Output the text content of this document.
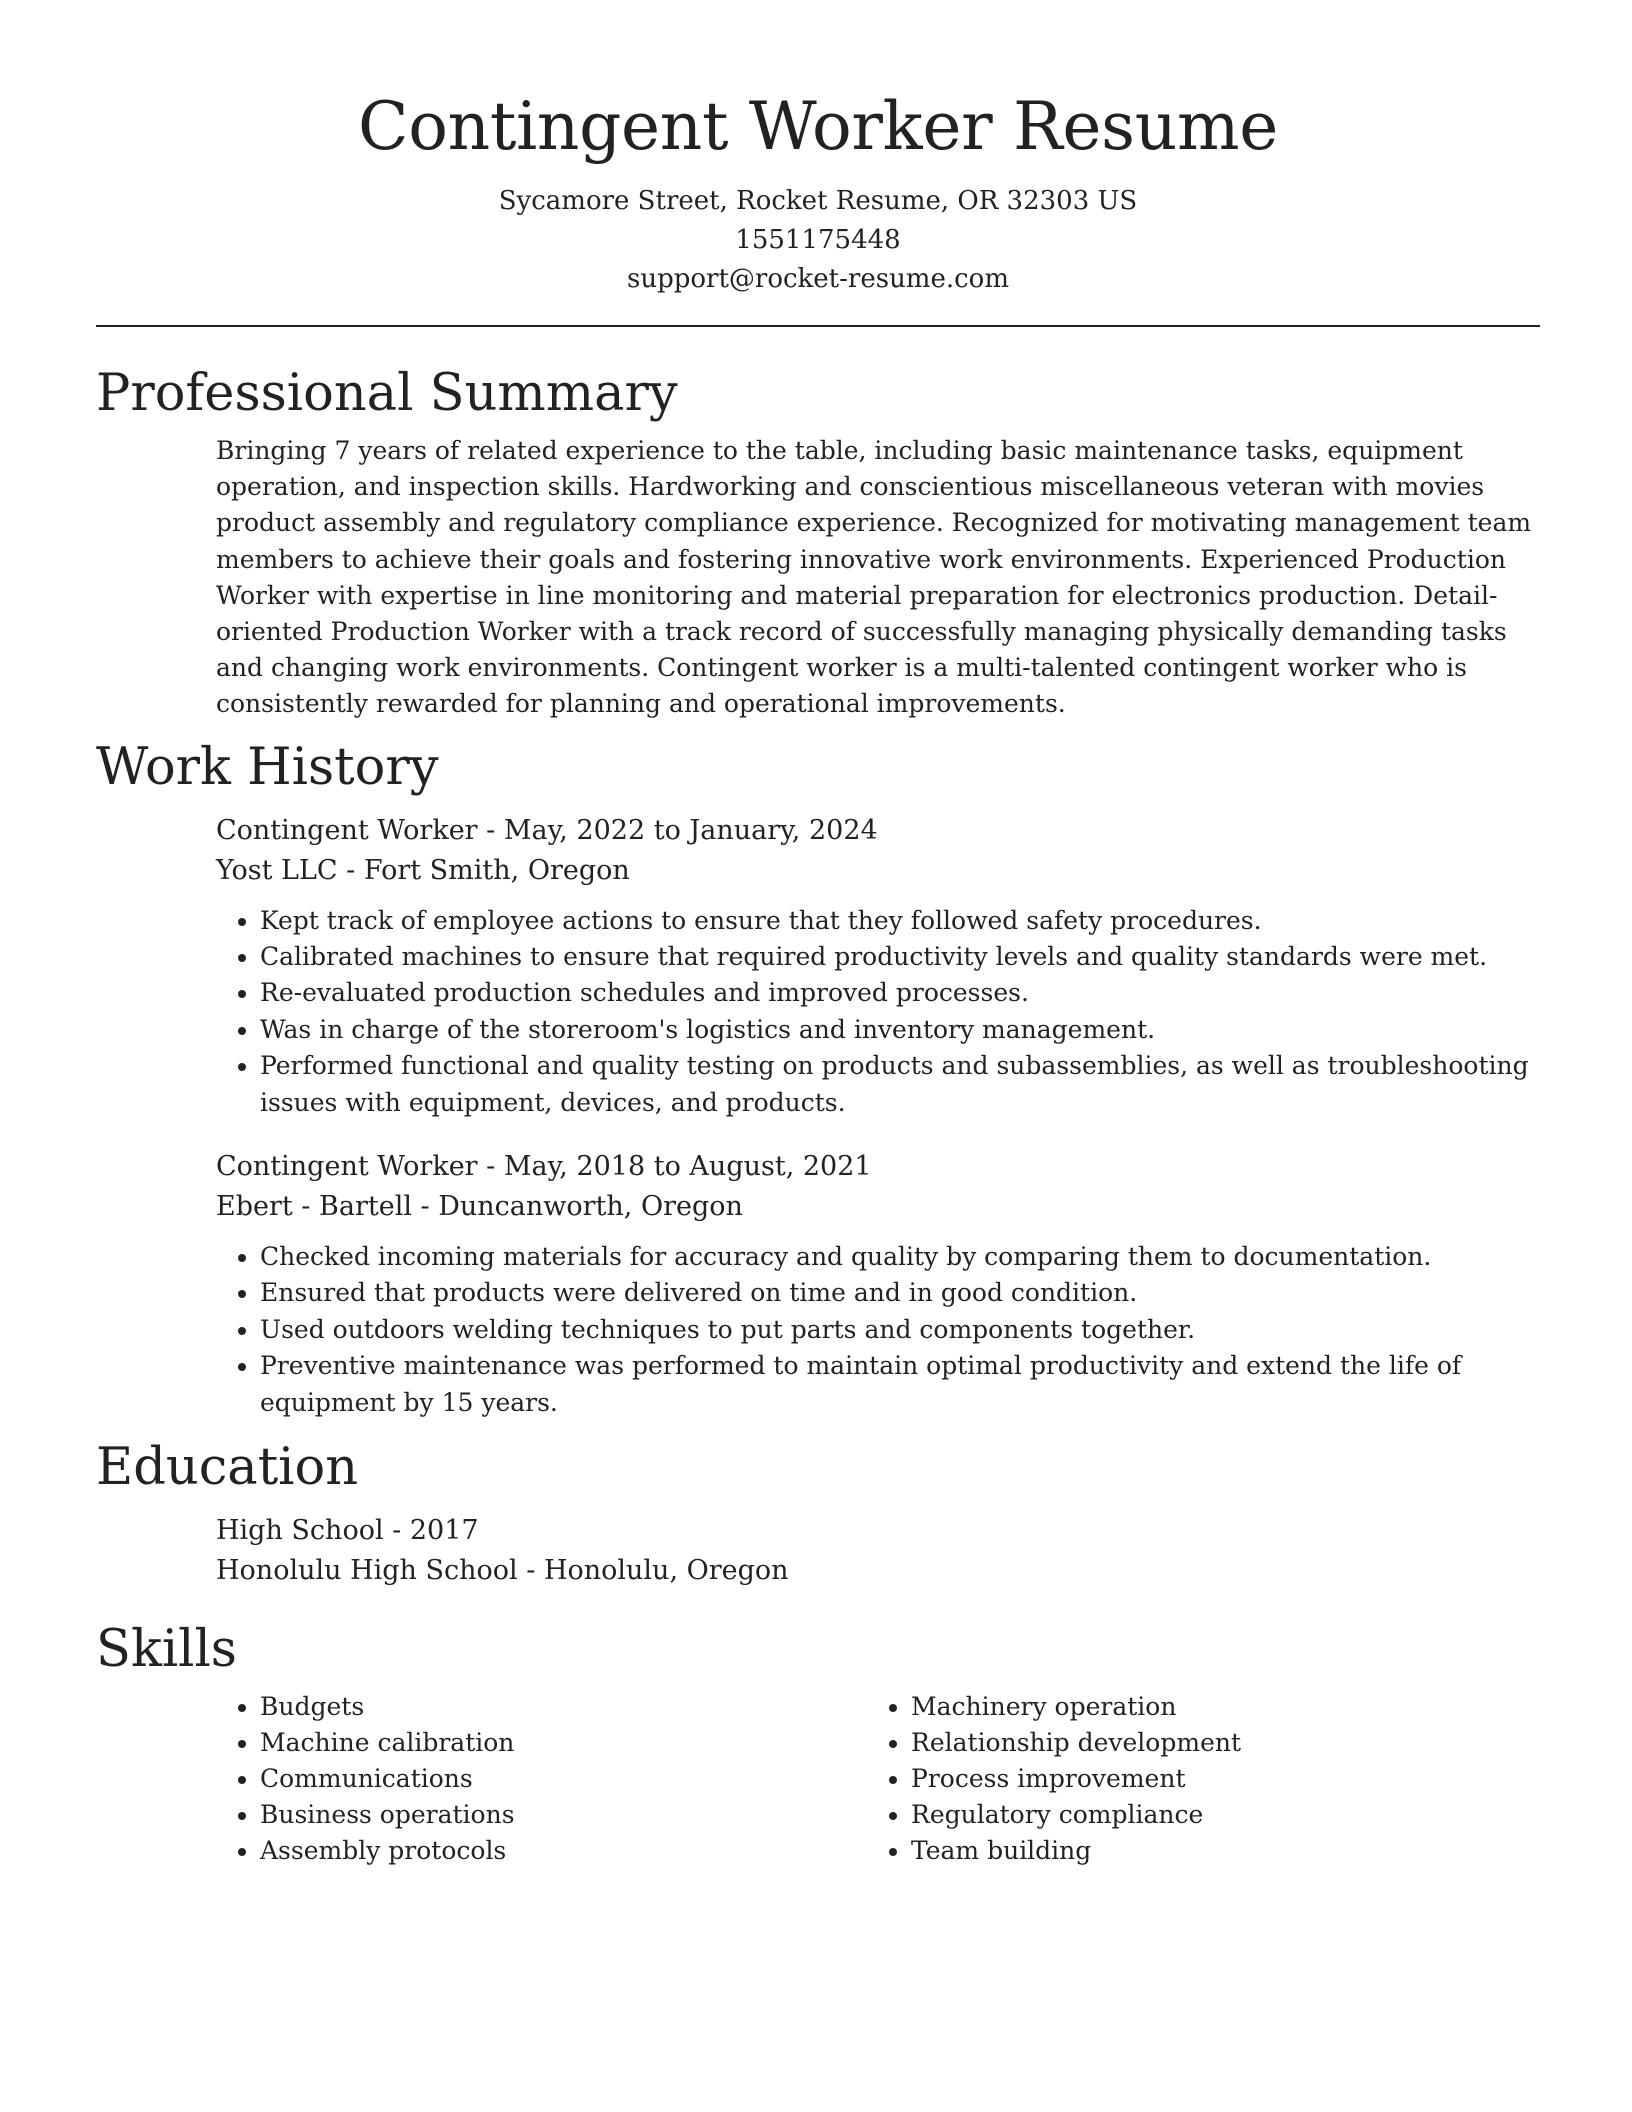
Contingent Worker Resume
Sycamore Street, Rocket Resume, OR 32303 US
1551175448
support@rocket-resume.com
Professional Summary

Bringing 7 years of related experience to the table, including basic maintenance tasks, equipment operation, and inspection skills. Hardworking and conscientious miscellaneous veteran with movies product assembly and regulatory compliance experience. Recognized for motivating management team members to achieve their goals and fostering innovative work environments. Experienced Production Worker with expertise in line monitoring and material preparation for electronics production. Detail-oriented Production Worker with a track record of successfully managing physically demanding tasks and changing work environments. Contingent worker is a multi-talented contingent worker who is consistently rewarded for planning and operational improvements.

Work History
Contingent Worker - May, 2022 to January, 2024
Yost LLC - Fort Smith, Oregon
• Kept track of employee actions to ensure that they followed safety procedures.
• Calibrated machines to ensure that required productivity levels and quality standards were met.
• Re-evaluated production schedules and improved processes.
• Was in charge of the storeroom's logistics and inventory management.
• Performed functional and quality testing on products and subassemblies, as well as troubleshooting issues with equipment, devices, and products.
Contingent Worker - May, 2018 to August, 2021
Ebert - Bartell - Duncanworth, Oregon
• Checked incoming materials for accuracy and quality by comparing them to documentation.
• Ensured that products were delivered on time and in good condition.
• Used outdoors welding techniques to put parts and components together.
• Preventive maintenance was performed to maintain optimal productivity and extend the life of equipment by 15 years.
Education
High School - 2017
Honolulu High School - Honolulu, Oregon
Skills
• Budgets
• Machine calibration
• Communications
• Business operations
• Assembly protocols
• Machinery operation
• Relationship development
• Process improvement
• Regulatory compliance
• Team building
